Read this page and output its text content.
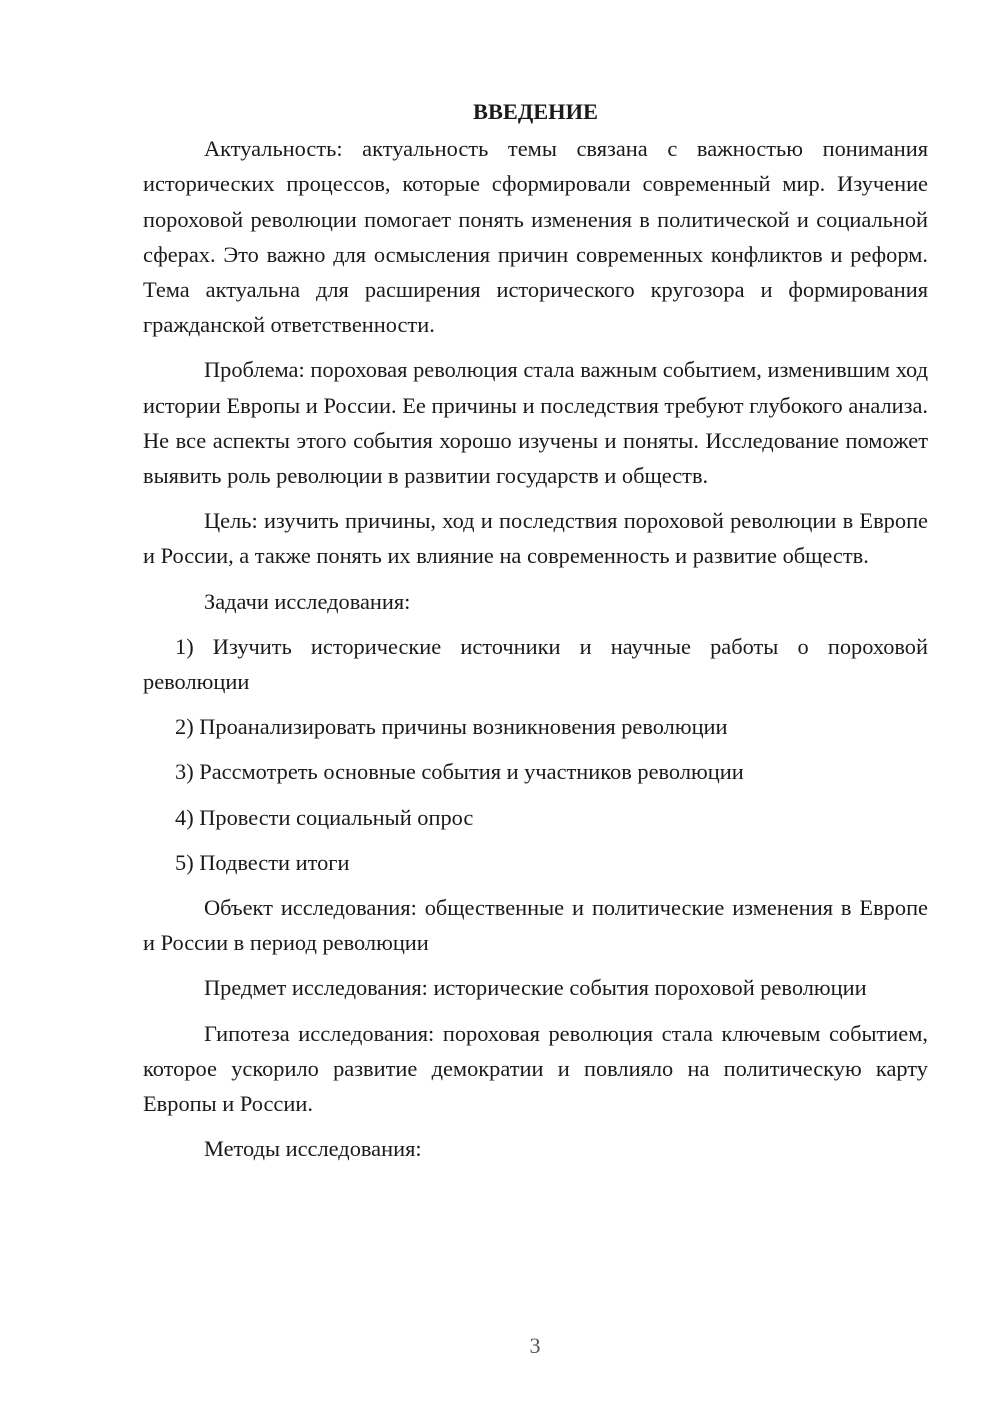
ВВЕДЕНИЕ

Актуальность: актуальность темы связана с важностью понимания исторических процессов, которые сформировали современный мир. Изучение пороховой революции помогает понять изменения в политической и социальной сферах. Это важно для осмысления причин современных конфликтов и реформ. Тема актуальна для расширения исторического кругозора и формирования гражданской ответственности.

Проблема: пороховая революция стала важным событием, изменившим ход истории Европы и России. Ее причины и последствия требуют глубокого анализа. Не все аспекты этого события хорошо изучены и поняты. Исследование поможет выявить роль революции в развитии государств и обществ.

Цель: изучить причины, ход и последствия пороховой революции в Европе и России, а также понять их влияние на современность и развитие обществ.

Задачи исследования:

1) Изучить исторические источники и научные работы о пороховой революции

2) Проанализировать причины возникновения революции

3) Рассмотреть основные события и участников революции

4) Провести социальный опрос

5) Подвести итоги

Объект исследования: общественные и политические изменения в Европе и России в период революции

Предмет исследования: исторические события пороховой революции

Гипотеза исследования: пороховая революция стала ключевым событием, которое ускорило развитие демократии и повлияло на политическую карту Европы и России.

Методы исследования:

3
